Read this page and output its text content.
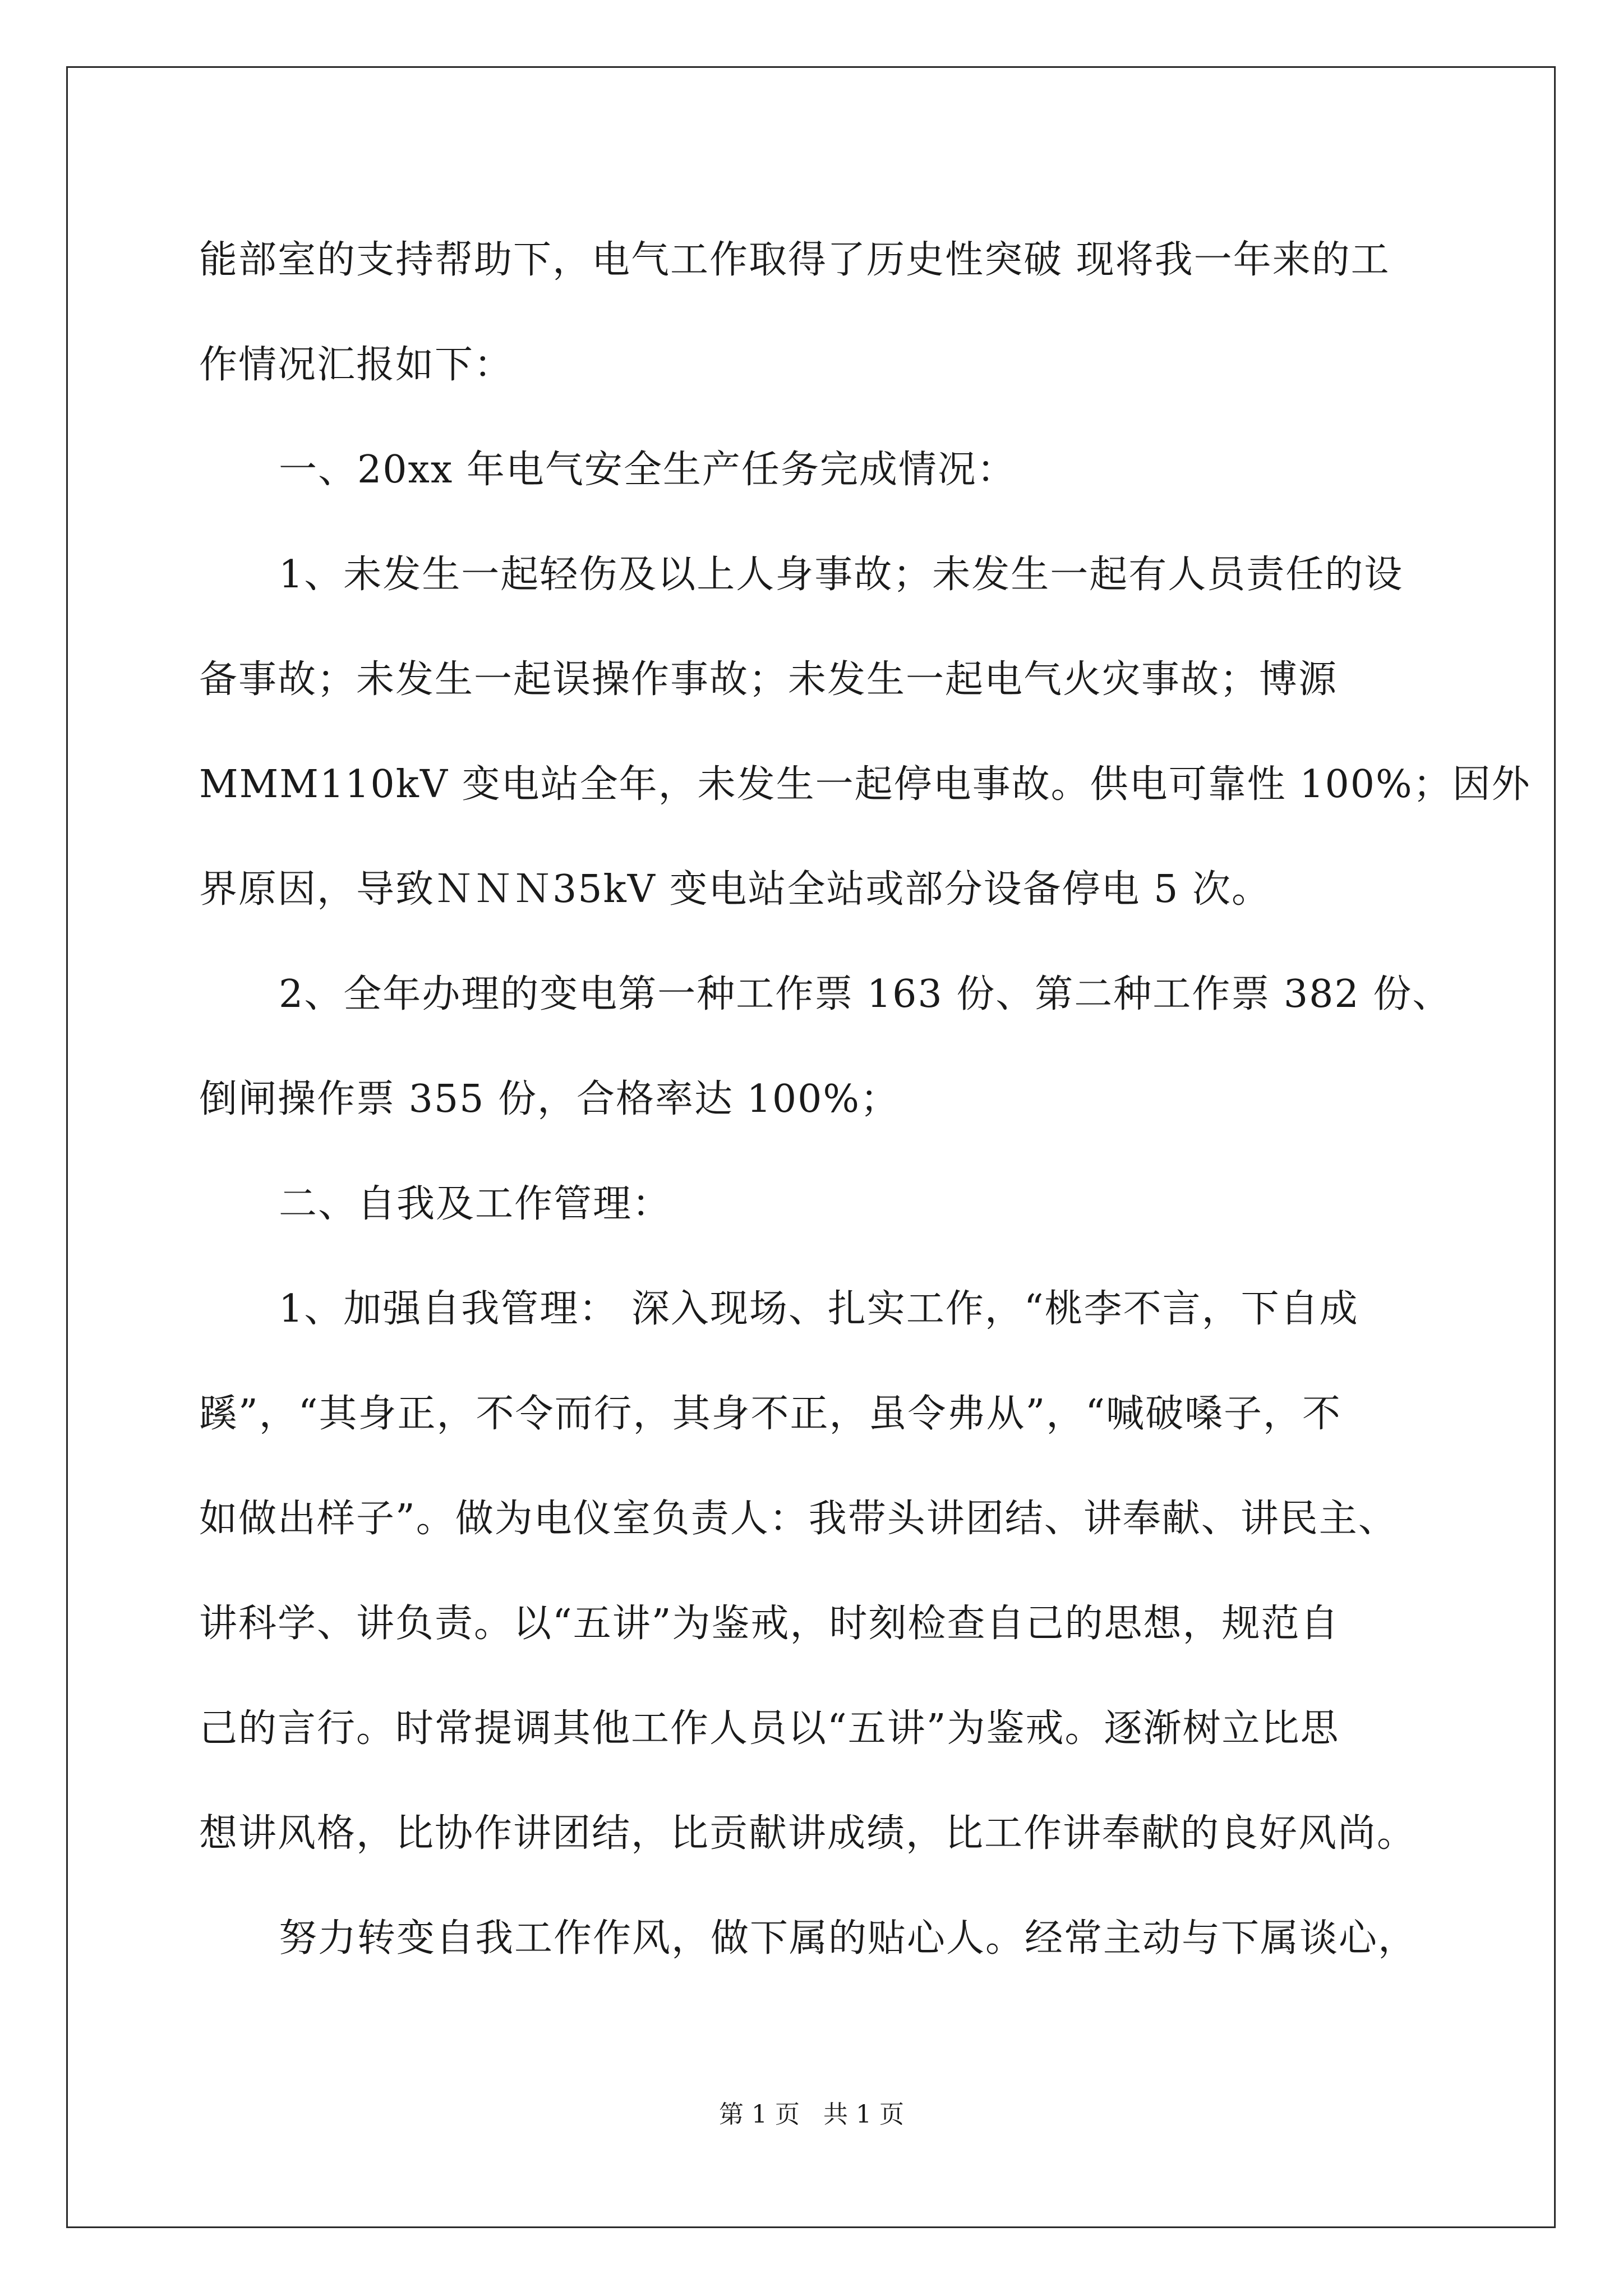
能部室的支持帮助下，电气工作取得了历史性突破 现将我一年来的工
作情况汇报如下：
一、20xx 年电气安全生产任务完成情况：
1、未发生一起轻伤及以上人身事故；未发生一起有人员责任的设
备事故；未发生一起误操作事故；未发生一起电气火灾事故；博源
MMM110kV 变电站全年，未发生一起停电事故。供电可靠性 100%；因外
界原因，导致ＮＮＮ35kV 变电站全站或部分设备停电 5 次。
2、全年办理的变电第一种工作票 163 份、第二种工作票 382 份、
倒闸操作票 355 份，合格率达 100%；
二、自我及工作管理：
1、加强自我管理： 深入现场、扎实工作，“桃李不言，下自成
蹊”，“其身正，不令而行，其身不正，虽令弗从”，“喊破嗓子，不
如做出样子”。做为电仪室负责人：我带头讲团结、讲奉献、讲民主、
讲科学、讲负责。以“五讲”为鉴戒，时刻检查自己的思想，规范自
己的言行。时常提调其他工作人员以“五讲”为鉴戒。逐渐树立比思
想讲风格，比协作讲团结，比贡献讲成绩，比工作讲奉献的良好风尚。
努力转变自我工作作风，做下属的贴心人。经常主动与下属谈心，
第 1 页   共 1 页
